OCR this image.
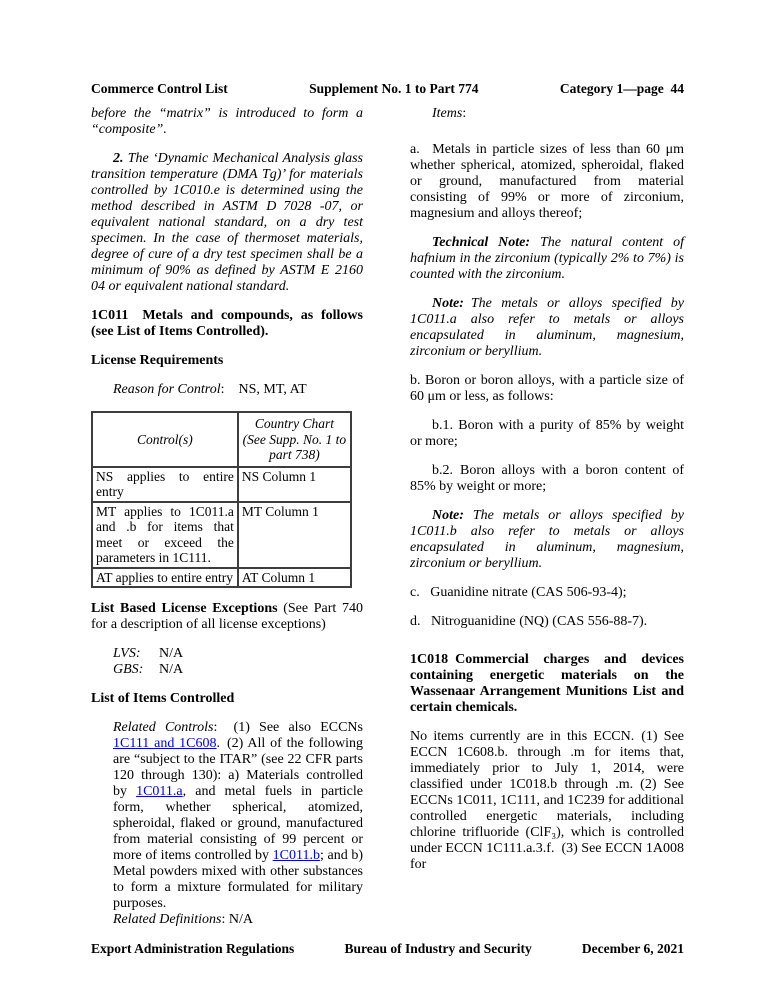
Commerce Control List	Supplement No. 1 to Part 774	Category 1—page 44

before the “matrix” is introduced to form a “composite”.

2. The ‘Dynamic Mechanical Analysis glass transition temperature (DMA Tg)’ for materials controlled by 1C010.e is determined using the method described in ASTM D 7028 -07, or equivalent national standard, on a dry test specimen. In the case of thermoset materials, degree of cure of a dry test specimen shall be a minimum of 90% as defined by ASTM E 2160 04 or equivalent national standard.

1C011  Metals and compounds, as follows (see List of Items Controlled).

License Requirements

Reason for Control: NS, MT, AT

Control(s)	Country Chart (See Supp. No. 1 to part 738)
NS applies to entire entry	NS Column 1
MT applies to 1C011.a and .b for items that meet or exceed the parameters in 1C111.	MT Column 1
AT applies to entire entry	AT Column 1

List Based License Exceptions (See Part 740 for a description of all license exceptions)

LVS: N/A
GBS: N/A

List of Items Controlled

Related Controls:  (1) See also ECCNs 1C111 and 1C608. (2) All of the following are “subject to the ITAR” (see 22 CFR parts 120 through 130): a) Materials controlled by 1C011.a, and metal fuels in particle form, whether spherical, atomized, spheroidal, flaked or ground, manufactured from material consisting of 99 percent or more of items controlled by 1C011.b; and b) Metal powders mixed with other substances to form a mixture formulated for military purposes.
Related Definitions: N/A

Items:

a.  Metals in particle sizes of less than 60 μm whether spherical, atomized, spheroidal, flaked or ground, manufactured from material consisting of 99% or more of zirconium, magnesium and alloys thereof;

Technical Note: The natural content of hafnium in the zirconium (typically 2% to 7%) is counted with the zirconium.

Note: The metals or alloys specified by 1C011.a also refer to metals or alloys encapsulated in aluminum, magnesium, zirconium or beryllium.

b. Boron or boron alloys, with a particle size of 60 μm or less, as follows:

b.1. Boron with a purity of 85% by weight or more;

b.2. Boron alloys with a boron content of 85% by weight or more;

Note: The metals or alloys specified by 1C011.b also refer to metals or alloys encapsulated in aluminum, magnesium, zirconium or beryllium.

c.  Guanidine nitrate (CAS 506-93-4);

d.  Nitroguanidine (NQ) (CAS 556-88-7).

1C018 Commercial charges and devices containing energetic materials on the Wassenaar Arrangement Munitions List and certain chemicals.

No items currently are in this ECCN. (1) See ECCN 1C608.b. through .m for items that, immediately prior to July 1, 2014, were classified under 1C018.b through .m. (2) See ECCNs 1C011, 1C111, and 1C239 for additional controlled energetic materials, including chlorine trifluoride (ClF₃), which is controlled under ECCN 1C111.a.3.f. (3) See ECCN 1A008 for

Export Administration Regulations	Bureau of Industry and Security	December 6, 2021
